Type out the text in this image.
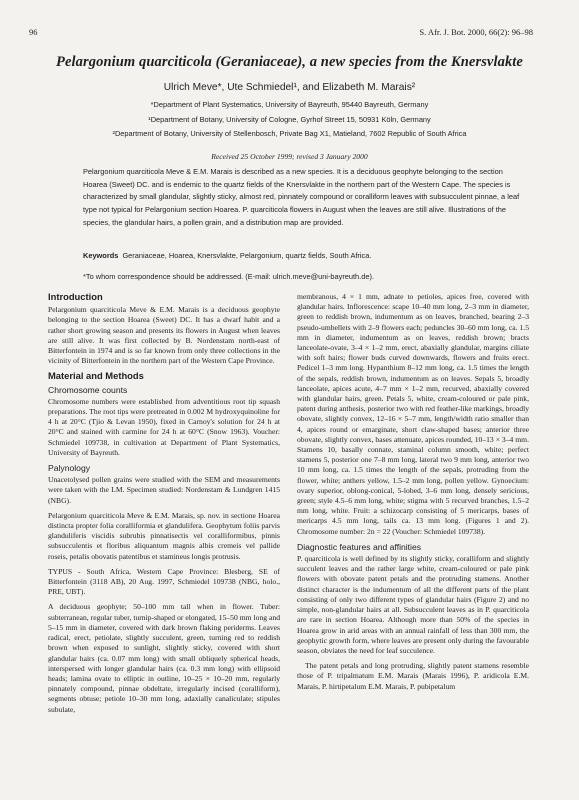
96	S. Afr. J. Bot. 2000, 66(2): 96–98
Pelargonium quarciticola (Geraniaceae), a new species from the Knersvlakte
Ulrich Meve*, Ute Schmiedel¹, and Elizabeth M. Marais²
*Department of Plant Systematics, University of Bayreuth, 95440 Bayreuth, Germany
¹Department of Botany, University of Cologne, Gyrhof Street 15, 50931 Köln, Germany
²Department of Botany, University of Stellenbosch, Private Bag X1, Matieland, 7602 Republic of South Africa
Received 25 October 1999; revised 3 January 2000

Pelargonium quarciticola Meve & E.M. Marais is described as a new species. It is a deciduous geophyte belonging to the section Hoarea (Sweet) DC. and is endemic to the quartz fields of the Knersvlakte in the northern part of the Western Cape. The species is characterized by small glandular, slightly sticky, almost red, pinnately compound or coralliform leaves with subsucculent pinnae, a leaf type not typical for Pelargonium section Hoarea. P. quarciticola flowers in August when the leaves are still alive. Illustrations of the species, the glandular hairs, a pollen grain, and a distribution map are provided.

Keywords Geraniaceae, Hoarea, Knersvlakte, Pelargonium, quartz fields, South Africa.

*To whom correspondence should be addressed. (E-mail: ulrich.meve@uni-bayreuth.de).

Introduction

Pelargonium quarciticola Meve & E.M. Marais is a deciduous geophyte belonging to the section Hoarea (Sweet) DC. It has a dwarf habit and a rather short growing season and presents its flowers in August when leaves are still alive. It was first collected by B. Nordenstam north-east of Bitterfontein in 1974 and is so far known from only three collections in the vicinity of Bitterfontein in the northern part of the Western Cape Province.

Material and Methods
Chromosome counts

Chromosome numbers were established from adventitious root tip squash preparations. The root tips were pretreated in 0.002 M hydroxyquinoline for 4 h at 20°C (Tjio & Levan 1950), fixed in Carnoy's solution for 24 h at 20°C and stained with carmine for 24 h at 60°C (Snow 1963). Voucher: Schmiedel 109738, in cultivation at Department of Plant Systematics, University of Bayreuth.

Palynology

Unacetolysed pollen grains were studied with the SEM and measurements were taken with the LM. Specimen studied: Nordenstam & Lundgren 1415 (NBG).

Pelargonium quarciticola Meve & E.M. Marais, sp. nov. in sectione Hoarea distincta propter folia coralliformia et glandulifera. Geophytum foliis parvis glanduliferis viscidis subrubis pinnatisectis vel coralliformibus, pinnis subsucculentis et floribus aliquantum magnis albis cremeis vel pallide roseis, petalis obovatis patentibus et stamineus longis protrusis.

TYPUS - South Africa, Western Cape Province: Blesberg, SE of Bitterfontein (3118 AB), 20 Aug. 1997, Schmiedel 109738 (NBG, holo., PRE, UBT).

A deciduous geophyte; 50–100 mm tall when in flower. Tuber: subterranean, regular tuber, turnip-shaped or elongated, 15–50 mm long and 5–15 mm in diameter, covered with dark brown flaking periderms. Leaves radical, erect, petiolate, slightly succulent, green, turning red to reddish brown when exposed to sunlight, slightly sticky, covered with short glandular hairs (ca. 0.07 mm long) with small obliquely spherical heads, interspersed with longer glandular hairs (ca. 0.3 mm long) with ellipsoid heads; lamina ovate to elliptic in outline, 10–25 × 10–20 mm, regularly pinnately compound, pinnae obdeltate, irregularly incised (coralliform), segments obtuse; petiole 10–30 mm long, adaxially canaliculate; stipules subulate,

membranous, 4 × 1 mm, adnate to petioles, apices free, covered with glandular hairs. Inflorescence: scape 10–40 mm long, 2–3 mm in diameter, green to reddish brown, indumentum as on leaves, branched, bearing 2–3 pseudo-umbellets with 2–9 flowers each; peduncles 30–60 mm long, ca. 1.5 mm in diameter, indumentum as on leaves, reddish brown; bracts lanceolate-ovate, 3–4 × 1–2 mm, erect, abaxially glandular, margins ciliate with soft hairs; flower buds curved downwards, flowers and fruits erect. Pedicel 1–3 mm long. Hypanthium 8–12 mm long, ca. 1.5 times the length of the sepals, reddish brown, indumentum as on leaves. Sepals 5, broadly lanceolate, apices acute, 4–7 mm × 1–2 mm, recurved, abaxially covered with glandular hairs, green. Petals 5, white, cream-coloured or pale pink, patent during anthesis, posterior two with red feather-like markings, broadly obovate, slightly convex, 12–16 × 5–7 mm, length/width ratio smaller than 4, apices round or emarginate, short claw-shaped bases; anterior three obovate, slightly convex, bases attenuate, apices rounded, 10–13 × 3–4 mm. Stamens 10, basally connate, staminal column smooth, white; perfect stamens 5, posterior one 7–8 mm long, lateral two 9 mm long, anterior two 10 mm long, ca. 1.5 times the length of the sepals, protruding from the flower, white; anthers yellow, 1.5–2 mm long, pollen yellow. Gynoecium: ovary superior, oblong-conical, 5-lobed, 3–6 mm long, densely sericious, green; style 4.5–6 mm long, white; stigma with 5 recurved branches, 1.5–2 mm long, white. Fruit: a schizocarp consisting of 5 mericarps, bases of mericarps 4.5 mm long, tails ca. 13 mm long. (Figures 1 and 2). Chromosome number: 2n = 22 (Voucher: Schmiedel 109738).

Diagnostic features and affinities

P. quarciticola is well defined by its slightly sticky, coralliform and slightly succulent leaves and the rather large white, cream-coloured or pale pink flowers with obovate patent petals and the protruding stamens. Another distinct character is the indumentum of all the different parts of the plant consisting of only two different types of glandular hairs (Figure 2) and no simple, non-glandular hairs at all. Subsucculent leaves as in P. quarciticola are rare in section Hoarea. Although more than 50% of the species in Hoarea grow in arid areas with an annual rainfall of less than 300 mm, the geophytic growth form, where leaves are present only during the favourable season, obviates the need for leaf succulence.

The patent petals and long protruding, slightly patent stamens resemble those of P. tripalmatum E.M. Marais (Marais 1996), P. aridicola E.M. Marais, P. hirtipetalum E.M. Marais, P. pubipetalum
